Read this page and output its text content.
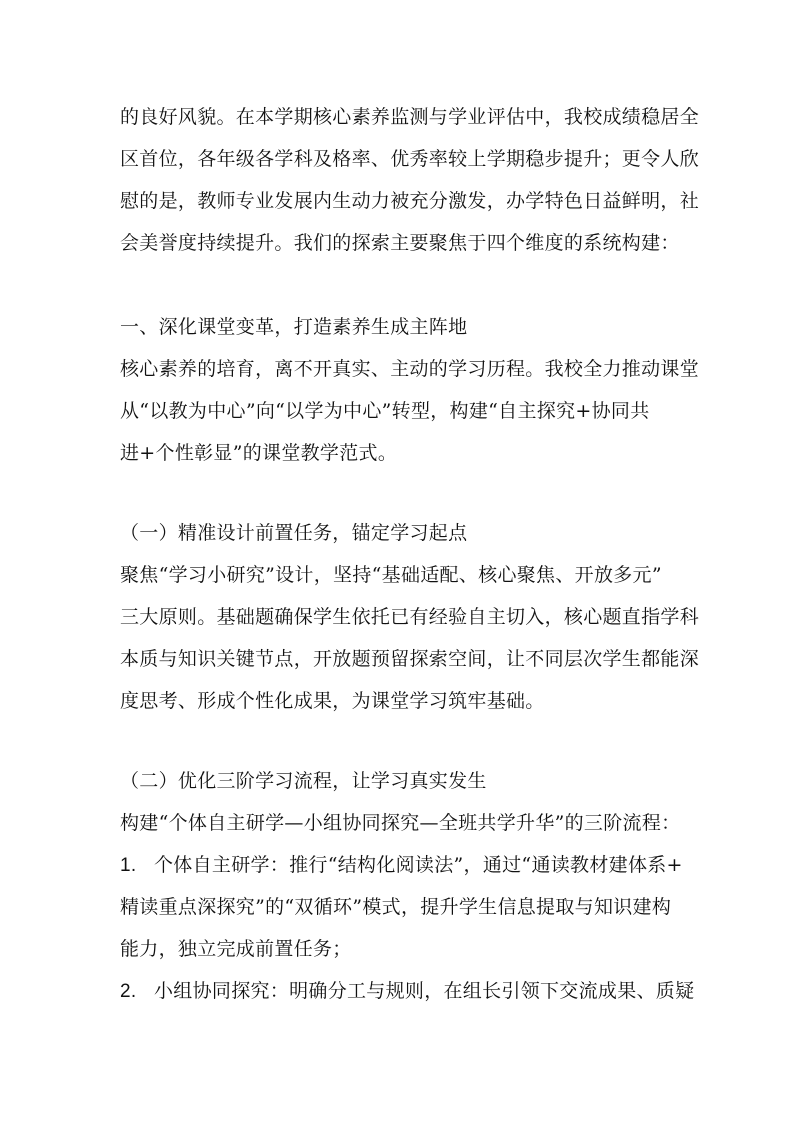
的良好风貌。在本学期核心素养监测与学业评估中，我校成绩稳居全
区首位，各年级各学科及格率、优秀率较上学期稳步提升；更令人欣
慰的是，教师专业发展内生动力被充分激发，办学特色日益鲜明，社
会美誉度持续提升。我们的探索主要聚焦于四个维度的系统构建：
一、深化课堂变革，打造素养生成主阵地
核心素养的培育，离不开真实、主动的学习历程。我校全力推动课堂
从“以教为中心”向“以学为中心”转型，构建“自主探究+协同共
进+个性彰显”的课堂教学范式。
（一）精准设计前置任务，锚定学习起点
聚焦“学习小研究”设计，坚持“基础适配、核心聚焦、开放多元”
三大原则。基础题确保学生依托已有经验自主切入，核心题直指学科
本质与知识关键节点，开放题预留探索空间，让不同层次学生都能深
度思考、形成个性化成果，为课堂学习筑牢基础。
（二）优化三阶学习流程，让学习真实发生
构建“个体自主研学—小组协同探究—全班共学升华”的三阶流程：
1. 个体自主研学：推行“结构化阅读法”，通过“通读教材建体系+
精读重点深探究”的“双循环”模式，提升学生信息提取与知识建构
能力，独立完成前置任务；
2. 小组协同探究：明确分工与规则，在组长引领下交流成果、质疑
